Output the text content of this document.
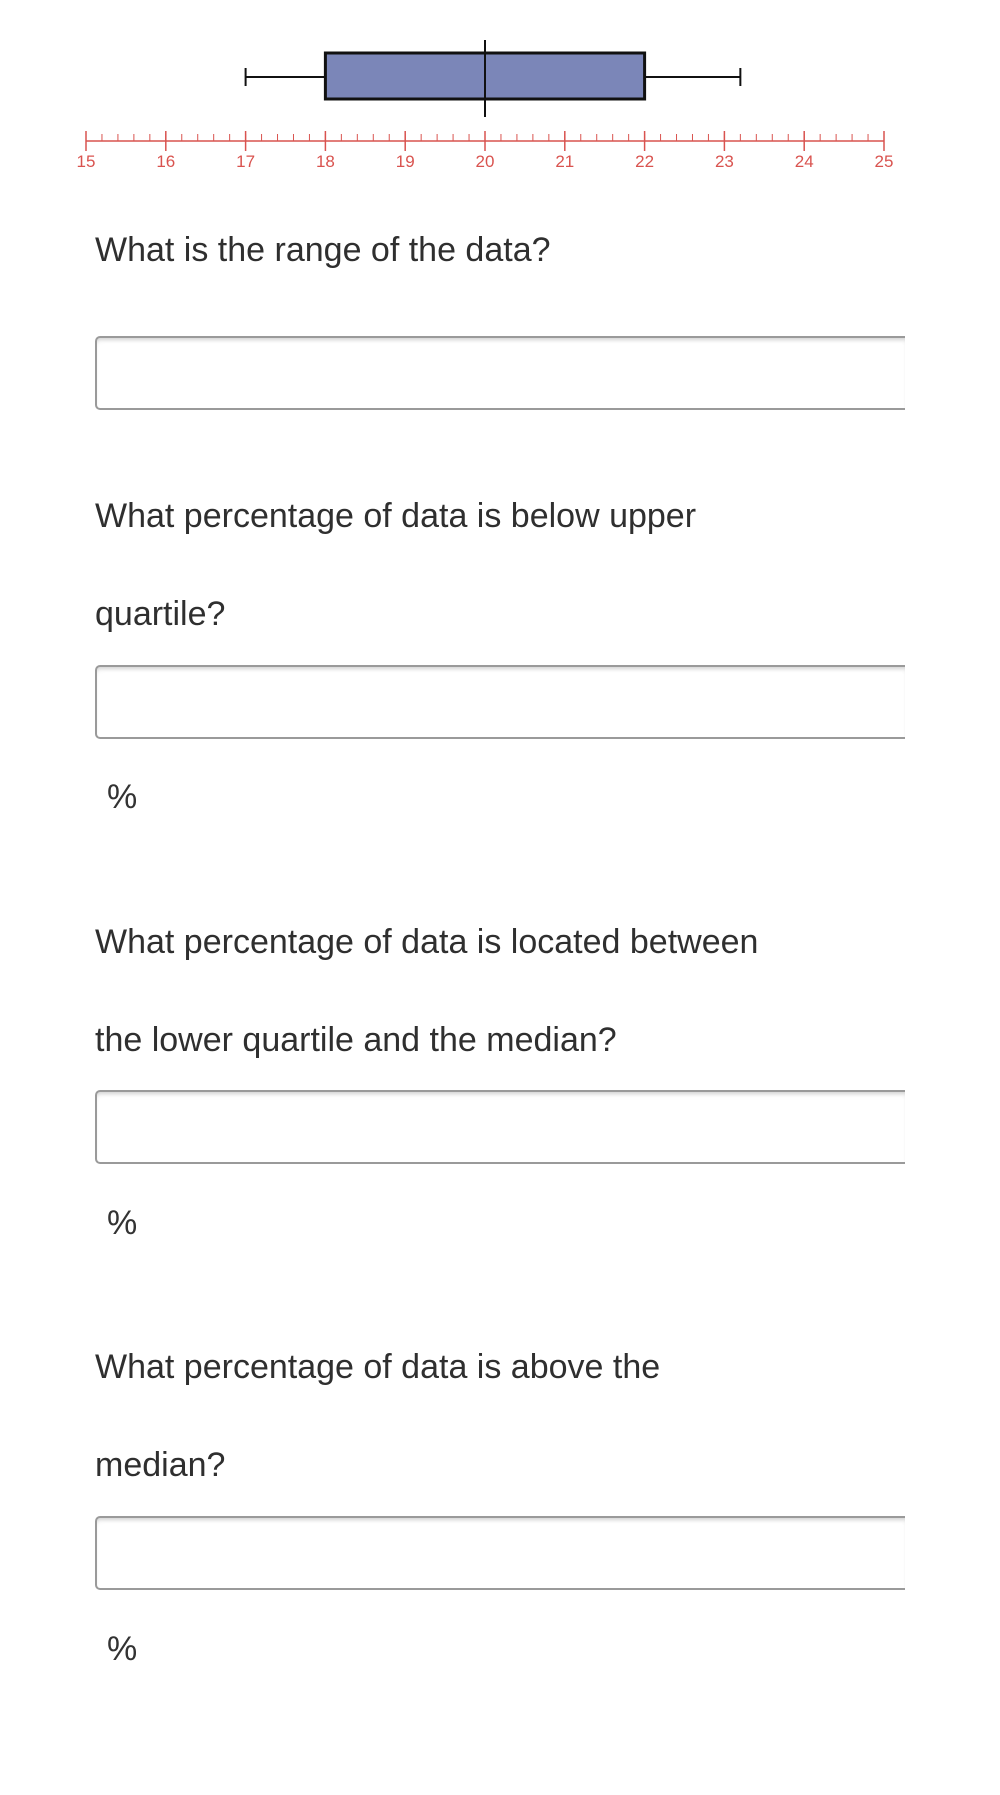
15	16	17	18	19	20	21	22	23	24	25
What is the range of the data?
What percentage of data is below upper
quartile?
%
What percentage of data is located between
the lower quartile and the median?
%
What percentage of data is above the
median?
%
